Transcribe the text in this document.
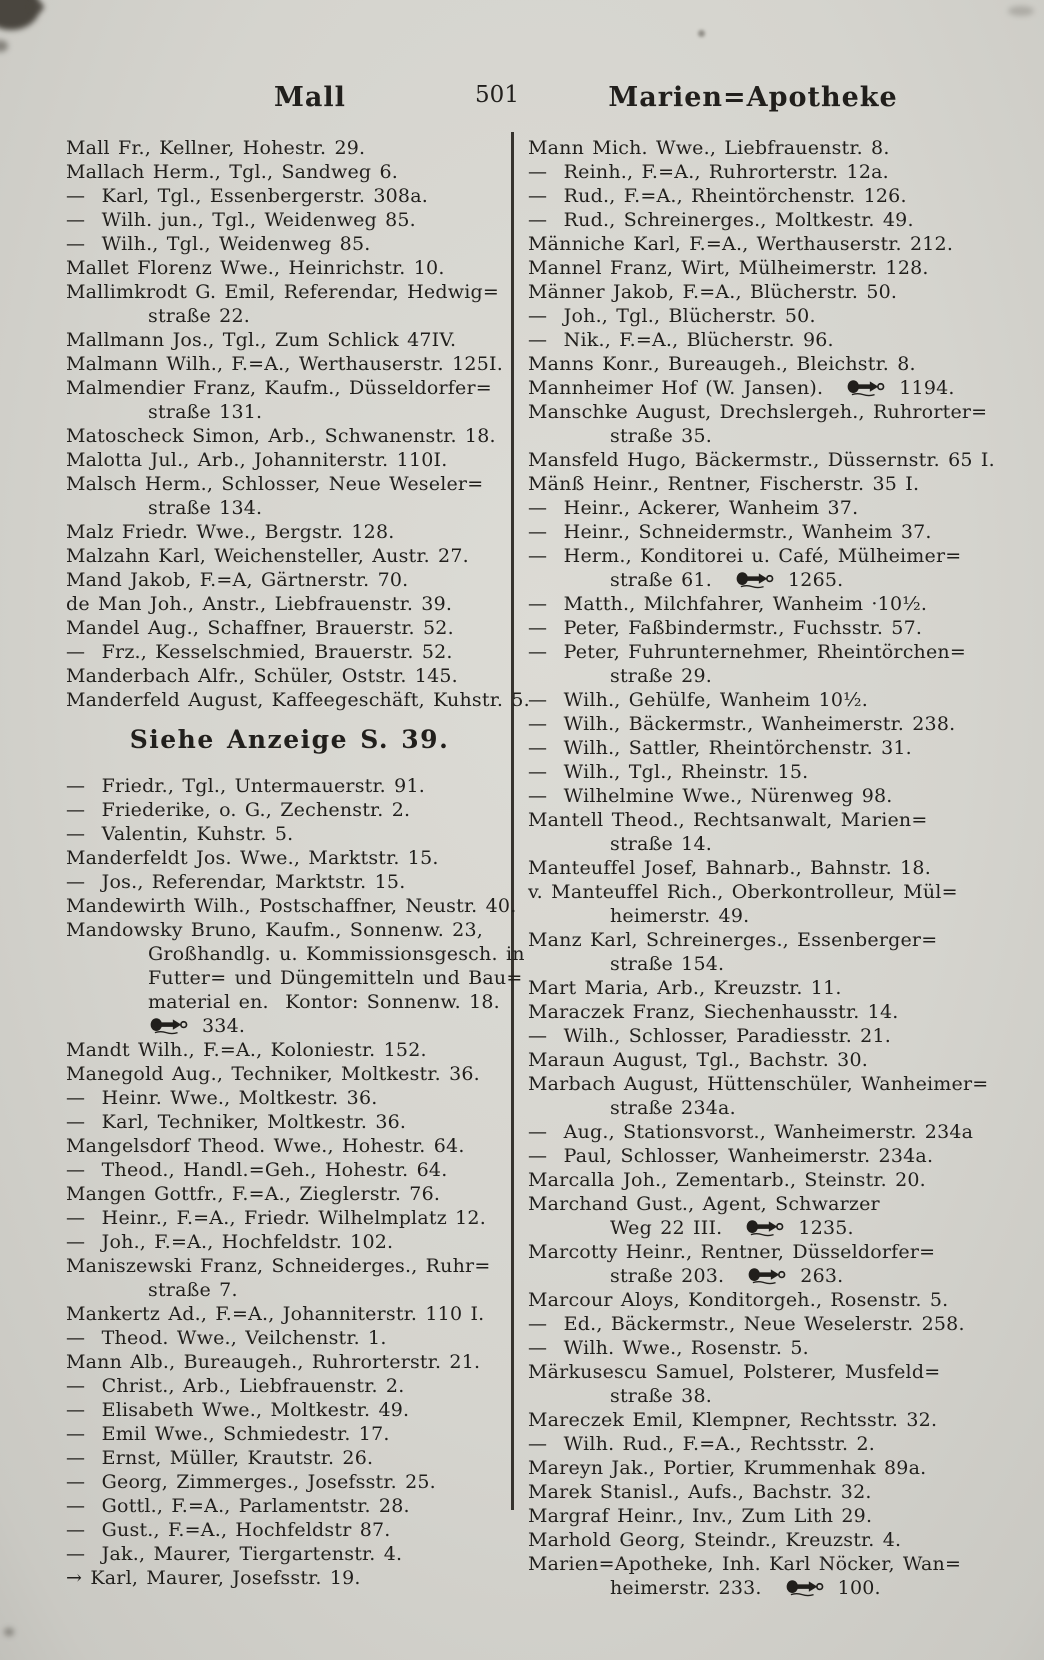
Mall	501	Marien=Apotheke
Mall Fr., Kellner, Hohestr. 29.
Mallach Herm., Tgl., Sandweg 6.
—  Karl, Tgl., Essenbergerstr. 308a.
—  Wilh. jun., Tgl., Weidenweg 85.
—  Wilh., Tgl., Weidenweg 85.
Mallet Florenz Wwe., Heinrichstr. 10.
Mallimkrodt G. Emil, Referendar, Hedwig=
straße 22.
Mallmann Jos., Tgl., Zum Schlick 47IV.
Malmann Wilh., F.=A., Werthauserstr. 125I.
Malmendier Franz, Kaufm., Düsseldorfer=
straße 131.
Matoscheck Simon, Arb., Schwanenstr. 18.
Malotta Jul., Arb., Johanniterstr. 110I.
Malsch Herm., Schlosser, Neue Weseler=
straße 134.
Malz Friedr. Wwe., Bergstr. 128.
Malzahn Karl, Weichensteller, Austr. 27.
Mand Jakob, F.=A, Gärtnerstr. 70.
de Man Joh., Anstr., Liebfrauenstr. 39.
Mandel Aug., Schaffner, Brauerstr. 52.
—  Frz., Kesselschmied, Brauerstr. 52.
Manderbach Alfr., Schüler, Oststr. 145.
Manderfeld August, Kaffeegeschäft, Kuhstr. 5.
Siehe Anzeige S. 39.
—  Friedr., Tgl., Untermauerstr. 91.
—  Friederike, o. G., Zechenstr. 2.
—  Valentin, Kuhstr. 5.
Manderfeldt Jos. Wwe., Marktstr. 15.
—  Jos., Referendar, Marktstr. 15.
Mandewirth Wilh., Postschaffner, Neustr. 40.
Mandowsky Bruno, Kaufm., Sonnenw. 23,
Großhandlg. u. Kommissionsgesch. in
Futter= und Düngemitteln und Bau=
material en.  Kontor: Sonnenw. 18.
334.
Mandt Wilh., F.=A., Koloniestr. 152.
Manegold Aug., Techniker, Moltkestr. 36.
—  Heinr. Wwe., Moltkestr. 36.
—  Karl, Techniker, Moltkestr. 36.
Mangelsdorf Theod. Wwe., Hohestr. 64.
—  Theod., Handl.=Geh., Hohestr. 64.
Mangen Gottfr., F.=A., Zieglerstr. 76.
—  Heinr., F.=A., Friedr. Wilhelmplatz 12.
—  Joh., F.=A., Hochfeldstr. 102.
Maniszewski Franz, Schneiderges., Ruhr=
straße 7.
Mankertz Ad., F.=A., Johanniterstr. 110 I.
—  Theod. Wwe., Veilchenstr. 1.
Mann Alb., Bureaugeh., Ruhrorterstr. 21.
—  Christ., Arb., Liebfrauenstr. 2.
—  Elisabeth Wwe., Moltkestr. 49.
—  Emil Wwe., Schmiedestr. 17.
—  Ernst, Müller, Krautstr. 26.
—  Georg, Zimmerges., Josefsstr. 25.
—  Gottl., F.=A., Parlamentstr. 28.
—  Gust., F.=A., Hochfeldstr 87.
—  Jak., Maurer, Tiergartenstr. 4.
→ Karl, Maurer, Josefsstr. 19.
Mann Mich. Wwe., Liebfrauenstr. 8.
—  Reinh., F.=A., Ruhrorterstr. 12a.
—  Rud., F.=A., Rheintörchenstr. 126.
—  Rud., Schreinerges., Moltkestr. 49.
Männiche Karl, F.=A., Werthauserstr. 212.
Mannel Franz, Wirt, Mülheimerstr. 128.
Männer Jakob, F.=A., Blücherstr. 50.
—  Joh., Tgl., Blücherstr. 50.
—  Nik., F.=A., Blücherstr. 96.
Manns Konr., Bureaugeh., Bleichstr. 8.
Mannheimer Hof (W. Jansen).	1194.
Manschke August, Drechslergeh., Ruhrorter=
straße 35.
Mansfeld Hugo, Bäckermstr., Düssernstr. 65 I.
Mänß Heinr., Rentner, Fischerstr. 35 I.
—  Heinr., Ackerer, Wanheim 37.
—  Heinr., Schneidermstr., Wanheim 37.
—  Herm., Konditorei u. Café, Mülheimer=
straße 61.	1265.
—  Matth., Milchfahrer, Wanheim ·10½.
—  Peter, Faßbindermstr., Fuchsstr. 57.
—  Peter, Fuhrunternehmer, Rheintörchen=
straße 29.
—  Wilh., Gehülfe, Wanheim 10½.
—  Wilh., Bäckermstr., Wanheimerstr. 238.
—  Wilh., Sattler, Rheintörchenstr. 31.
—  Wilh., Tgl., Rheinstr. 15.
—  Wilhelmine Wwe., Nürenweg 98.
Mantell Theod., Rechtsanwalt, Marien=
straße 14.
Manteuffel Josef, Bahnarb., Bahnstr. 18.
v. Manteuffel Rich., Oberkontrolleur, Mül=
heimerstr. 49.
Manz Karl, Schreinerges., Essenberger=
straße 154.
Mart Maria, Arb., Kreuzstr. 11.
Maraczek Franz, Siechenhausstr. 14.
—  Wilh., Schlosser, Paradiesstr. 21.
Maraun August, Tgl., Bachstr. 30.
Marbach August, Hüttenschüler, Wanheimer=
straße 234a.
—  Aug., Stationsvorst., Wanheimerstr. 234a
—  Paul, Schlosser, Wanheimerstr. 234a.
Marcalla Joh., Zementarb., Steinstr. 20.
Marchand Gust., Agent, Schwarzer
Weg 22 III.	1235.
Marcotty Heinr., Rentner, Düsseldorfer=
straße 203.	263.
Marcour Aloys, Konditorgeh., Rosenstr. 5.
—  Ed., Bäckermstr., Neue Weselerstr. 258.
—  Wilh. Wwe., Rosenstr. 5.
Märkusescu Samuel, Polsterer, Musfeld=
straße 38.
Mareczek Emil, Klempner, Rechtsstr. 32.
—  Wilh. Rud., F.=A., Rechtsstr. 2.
Mareyn Jak., Portier, Krummenhak 89a.
Marek Stanisl., Aufs., Bachstr. 32.
Margraf Heinr., Inv., Zum Lith 29.
Marhold Georg, Steindr., Kreuzstr. 4.
Marien=Apotheke, Inh. Karl Nöcker, Wan=
heimerstr. 233.	100.
